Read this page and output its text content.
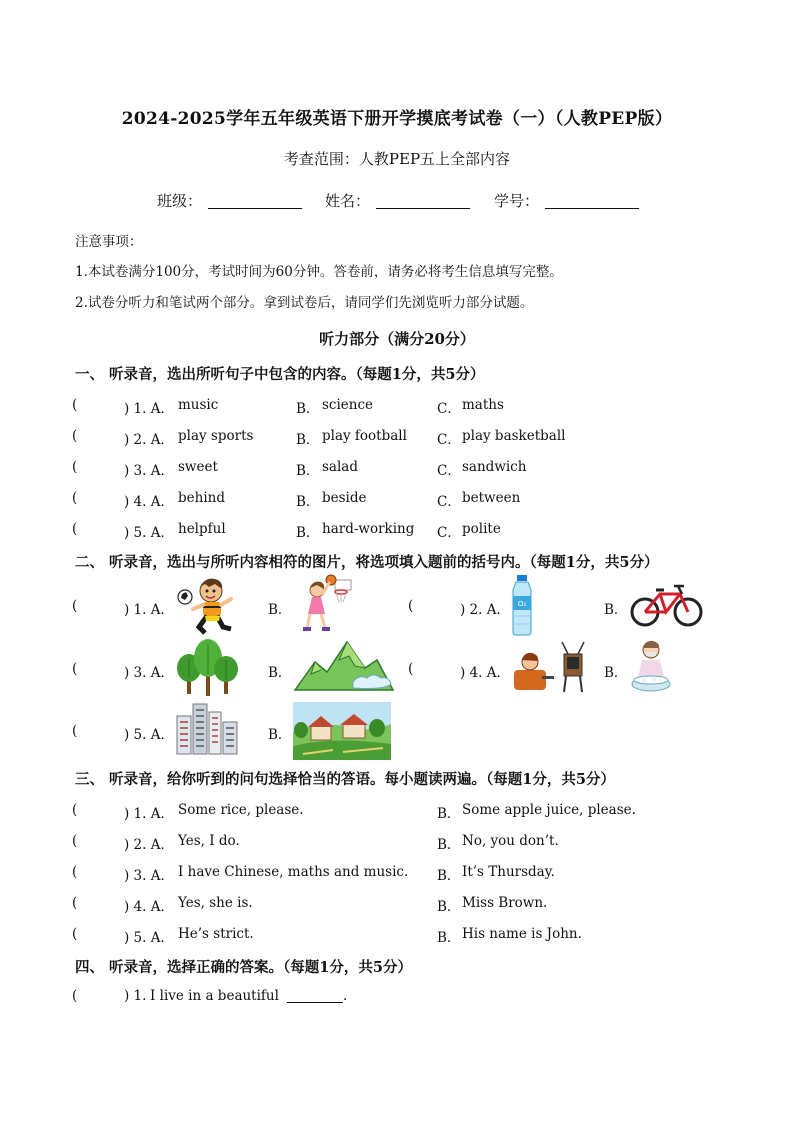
2024-2025学年五年级英语下册开学摸底考试卷（一）（人教PEP版）
考查范围：人教PEP五上全部内容
班级：	姓名：	学号：
注意事项：
1.本试卷满分100分，考试时间为60分钟。答卷前，请务必将考生信息填写完整。
2.试卷分听力和笔试两个部分。拿到试卷后，请同学们先浏览听力部分试题。
听力部分（满分20分）
一、 听录音，选出所听句子中包含的内容。（每题1分，共5分）
(	) 1. A． music	B． science	C． maths
(	) 2. A． play sports	B． play football C． play basketball
(	) 3. A． sweet	B． salad	C． sandwich
(	) 4. A． behind	B． beside	C． between
(	) 5. A． helpful	B． hard-working C． polite
二、 听录音，选出与所听内容相符的图片，将选项填入题前的括号内。（每题1分，共5分）
(	) 1. A．	B．	(	) 2. A．	B．
O₂
(	) 3. A．	B．	(	) 4. A．	B．
(	) 5. A．	B．
三、 听录音，给你听到的问句选择恰当的答语。每小题读两遍。（每题1分，共5分）
(	) 1. A． Some rice, please.	B． Some apple juice, please.
(	) 2. A． Yes, I do.	B． No, you don’t.
(	) 3. A． I have Chinese, maths and music. B． It’s Thursday.
(	) 4. A． Yes, she is.	B． Miss Brown.
(	) 5. A． He’s strict.	B． His name is John.
四、 听录音，选择正确的答案。（每题1分，共5分）
(	) 1. I live in a beautiful	.
